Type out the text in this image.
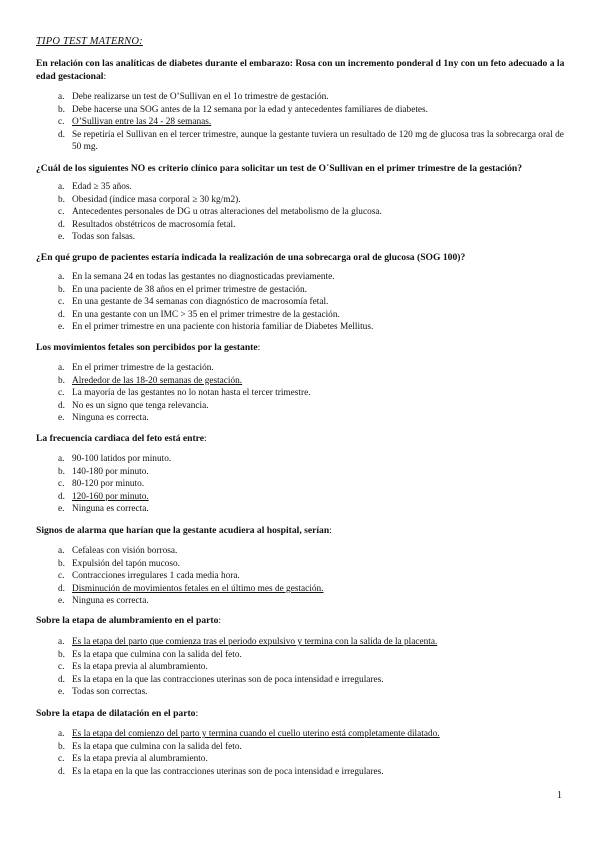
TIPO TEST MATERNO:
En relación con las analíticas de diabetes durante el embarazo: Rosa con un incremento ponderal d 1ny con un feto adecuado a la edad gestacional:
a. Debe realizarse un test de O’Sullivan en el 1o trimestre de gestación.
b. Debe hacerse una SOG antes de la 12 semana por la edad y antecedentes familiares de diabetes.
c. O’Sullivan entre las 24 - 28 semanas.
d. Se repetiría el Sullivan en el tercer trimestre, aunque la gestante tuviera un resultado de 120 mg de glucosa tras la sobrecarga oral de 50 mg.
¿Cuál de los siguientes NO es criterio clínico para solicitar un test de O´Sullivan en el primer trimestre de la gestación?
a. Edad ≥ 35 años.
b. Obesidad (índice masa corporal ≥ 30 kg/m2).
c. Antecedentes personales de DG u otras alteraciones del metabolismo de la glucosa.
d. Resultados obstétricos de macrosomía fetal.
e. Todas son falsas.
¿En qué grupo de pacientes estaría indicada la realización de una sobrecarga oral de glucosa (SOG 100)?
a. En la semana 24 en todas las gestantes no diagnosticadas previamente.
b. En una paciente de 38 años en el primer trimestre de gestación.
c. En una gestante de 34 semanas con diagnóstico de macrosomía fetal.
d. En una gestante con un IMC > 35 en el primer trimestre de la gestación.
e. En el primer trimestre en una paciente con historia familiar de Diabetes Mellitus.
Los movimientos fetales son percibidos por la gestante:
a. En el primer trimestre de la gestación.
b. Alrededor de las 18-20 semanas de gestación.
c. La mayoría de las gestantes no lo notan hasta el tercer trimestre.
d. No es un signo que tenga relevancia.
e. Ninguna es correcta.
La frecuencia cardiaca del feto está entre:
a. 90-100 latidos por minuto.
b. 140-180 por minuto.
c. 80-120 por minuto.
d. 120-160 por minuto.
e. Ninguna es correcta.
Signos de alarma que harían que la gestante acudiera al hospital, serían:
a. Cefaleas con visión borrosa.
b. Expulsión del tapón mucoso.
c. Contracciones irregulares 1 cada media hora.
d. Disminución de movimientos fetales en el último mes de gestación.
e. Ninguna es correcta.
Sobre la etapa de alumbramiento en el parto:
a. Es la etapa del parto que comienza tras el periodo expulsivo y termina con la salida de la placenta.
b. Es la etapa que culmina con la salida del feto.
c. Es la etapa previa al alumbramiento.
d. Es la etapa en la que las contracciones uterinas son de poca intensidad e irregulares.
e. Todas son correctas.
Sobre la etapa de dilatación en el parto:
a. Es la etapa del comienzo del parto y termina cuando el cuello uterino está completamente dilatado.
b. Es la etapa que culmina con la salida del feto.
c. Es la etapa previa al alumbramiento.
d. Es la etapa en la que las contracciones uterinas son de poca intensidad e irregulares.
1
